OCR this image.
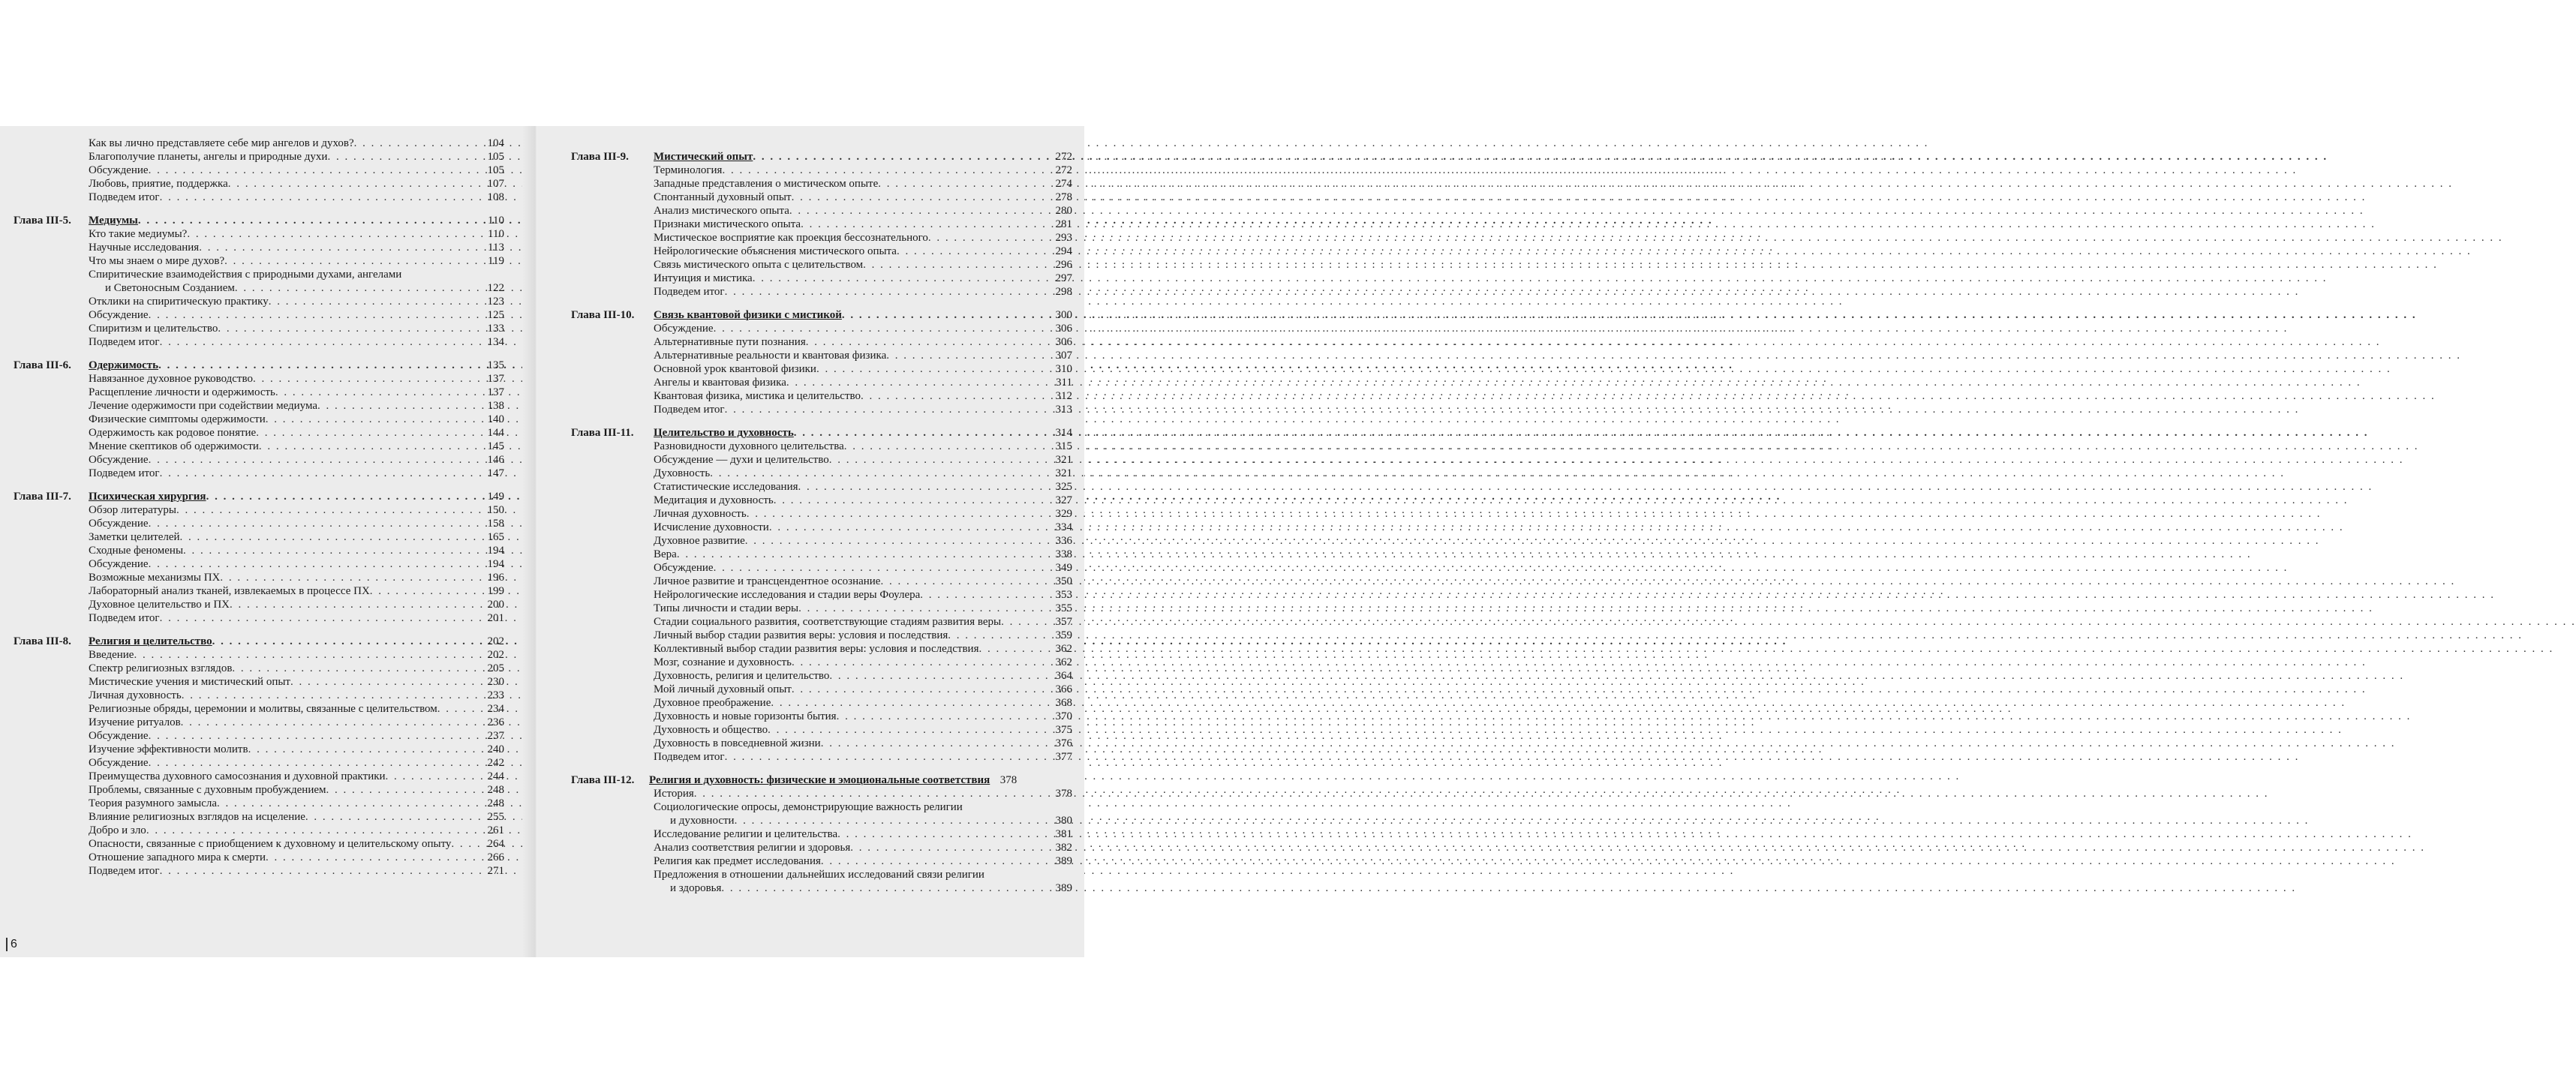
Как вы лично представляете себе мир ангелов и духов? . . .	104
Благополучие планеты, ангелы и природные духи . . .	105
Обсуждение . . .	105
Любовь, приятие, поддержка . . .	107
Подведем итог . . .	108
Глава III-5.	Медиумы . . .	110
Кто такие медиумы? . . .	110
Научные исследования . . .	113
Что мы знаем о мире духов? . . .	119
Спиритические взаимодействия с природными духами, ангелами
и Светоносным Созданием . . .	122
Отклики на спиритическую практику . . .	123
Обсуждение . . .	125
Спиритизм и целительство . . .	133
Подведем итог . . .	134
Глава III-6.	Одержимость . . .	135
Навязанное духовное руководство . . .	137
Расщепление личности и одержимость . . .	137
Лечение одержимости при содействии медиума . . .	138
Физические симптомы одержимости . . .	140
Одержимость как родовое понятие . . .	144
Мнение скептиков об одержимости . . .	145
Обсуждение . . .	146
Подведем итог . . .	147
Глава III-7.	Психическая хирургия . . .	149
Обзор литературы . . .	150
Обсуждение . . .	158
Заметки целителей . . .	165
Сходные феномены . . .	194
Обсуждение . . .	194
Возможные механизмы ПХ . . .	196
Лабораторный анализ тканей, извлекаемых в процессе ПХ . . .	199
Духовное целительство и ПХ . . .	200
Подведем итог . . .	201
Глава III-8.	Религия и целительство . . .	202
Введение . . .	202
Спектр религиозных взглядов . . .	205
Мистические учения и мистический опыт . . .	230
Личная духовность . . .	233
Религиозные обряды, церемонии и молитвы, связанные с целительством . . .	234
Изучение ритуалов . . .	236
Обсуждение . . .	237
Изучение эффективности молитв . . .	240
Обсуждение . . .	242
Преимущества духовного самосознания и духовной практики . . .	244
Проблемы, связанные с духовным пробуждением . . .	248
Теория разумного замысла . . .	248
Влияние религиозных взглядов на исцеление . . .	255
Добро и зло . . .	261
Опасности, связанные с приобщением к духовному и целительскому опыту . . .	264
Отношение западного мира к смерти . . .	266
Подведем итог . . .	271
6
Глава III-9.	Мистический опыт . . .	272
Терминология . . .	272
Западные представления о мистическом опыте . . .	274
Спонтанный духовный опыт . . .	278
Анализ мистического опыта . . .	280
Признаки мистического опыта . . .	281
Мистическое восприятие как проекция бессознательного . . .	293
Нейрологические объяснения мистического опыта . . .	294
Связь мистического опыта с целительством . . .	296
Интуиция и мистика . . .	297
Подведем итог . . .	298
Глава III-10.	Связь квантовой физики с мистикой . . .	300
Обсуждение . . .	306
Альтернативные пути познания . . .	306
Альтернативные реальности и квантовая физика . . .	307
Основной урок квантовой физики . . .	310
Ангелы и квантовая физика . . .	311
Квантовая физика, мистика и целительство . . .	312
Подведем итог . . .	313
Глава III-11.	Целительство и духовность . . .	314
Разновидности духовного целительства . . .	315
Обсуждение — духи и целительство . . .	321
Духовность . . .	321
Статистические исследования . . .	325
Медитация и духовность . . .	327
Личная духовность . . .	329
Исчисление духовности . . .	334
Духовное развитие . . .	336
Вера . . .	338
Обсуждение . . .	349
Личное развитие и трансцендентное осознание . . .	350
Нейрологические исследования и стадии веры Фоулера . . .	353
Типы личности и стадии веры . . .	355
Стадии социального развития, соответствующие стадиям развития веры . . .	357
Личный выбор стадии развития веры: условия и последствия . . .	359
Коллективный выбор стадии развития веры: условия и последствия . . .	362
Мозг, сознание и духовность . . .	362
Духовность, религия и целительство . . .	364
Мой личный духовный опыт . . .	366
Духовное преображение . . .	368
Духовность и новые горизонты бытия . . .	370
Духовность и общество . . .	375
Духовность в повседневной жизни . . .	376
Подведем итог . . .	377
Глава III-12.	Религия и духовность: физические и эмоциональные соответствия 378
История . . .	378
Социологические опросы, демонстрирующие важность религии
и духовности . . .	380
Исследование религии и целительства . . .	381
Анализ соответствия религии и здоровья . . .	382
Религия как предмет исследования . . .	389
Предложения в отношении дальнейших исследований связи религии
и здоровья . . .	389
